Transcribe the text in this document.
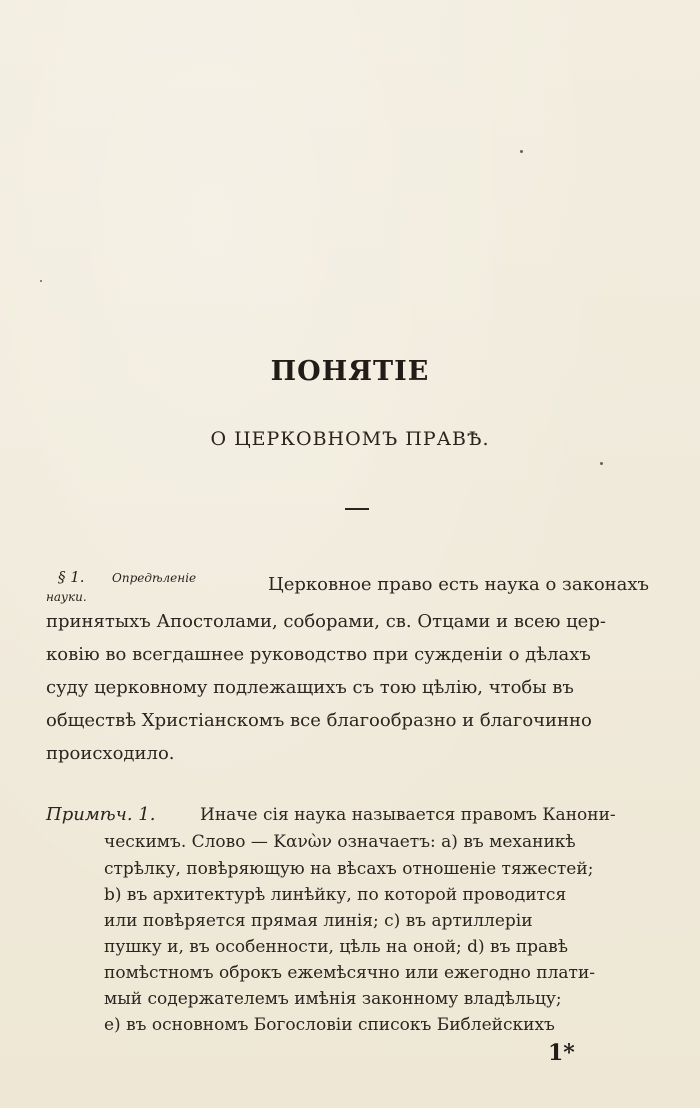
ПОНЯТІЕ
О ЦЕРКОВНОМЪ ПРАВѢ.
§ 1. Опредѣленіе
науки.
Церковное право есть наука о законахъ
принятыхъ Апостолами, соборами, св. Отцами и всею цер-
ковію во всегдашнее руководство при сужденіи о дѣлахъ
суду церковному подлежащихъ съ тою цѣлію, чтобы въ
обществѣ Христіанскомъ все благообразно и благочинно
происходило.
Примѣч. 1.	Иначе сія наука называется правомъ Канони-
ческимъ. Слово — Κανὼν означаетъ: a) въ механикѣ
стрѣлку, повѣряющую на вѣсахъ отношеніе тяжестей;
b) въ архитектурѣ линѣйку, по которой проводится
или повѣряется прямая линія; c) въ артиллеріи
пушку и, въ особенности, цѣль на оной; d) въ правѣ
помѣстномъ оброкъ ежемѣсячно или ежегодно плати-
мый содержателемъ имѣнія законному владѣльцу;
e) въ основномъ Богословіи списокъ Библейскихъ
1*
